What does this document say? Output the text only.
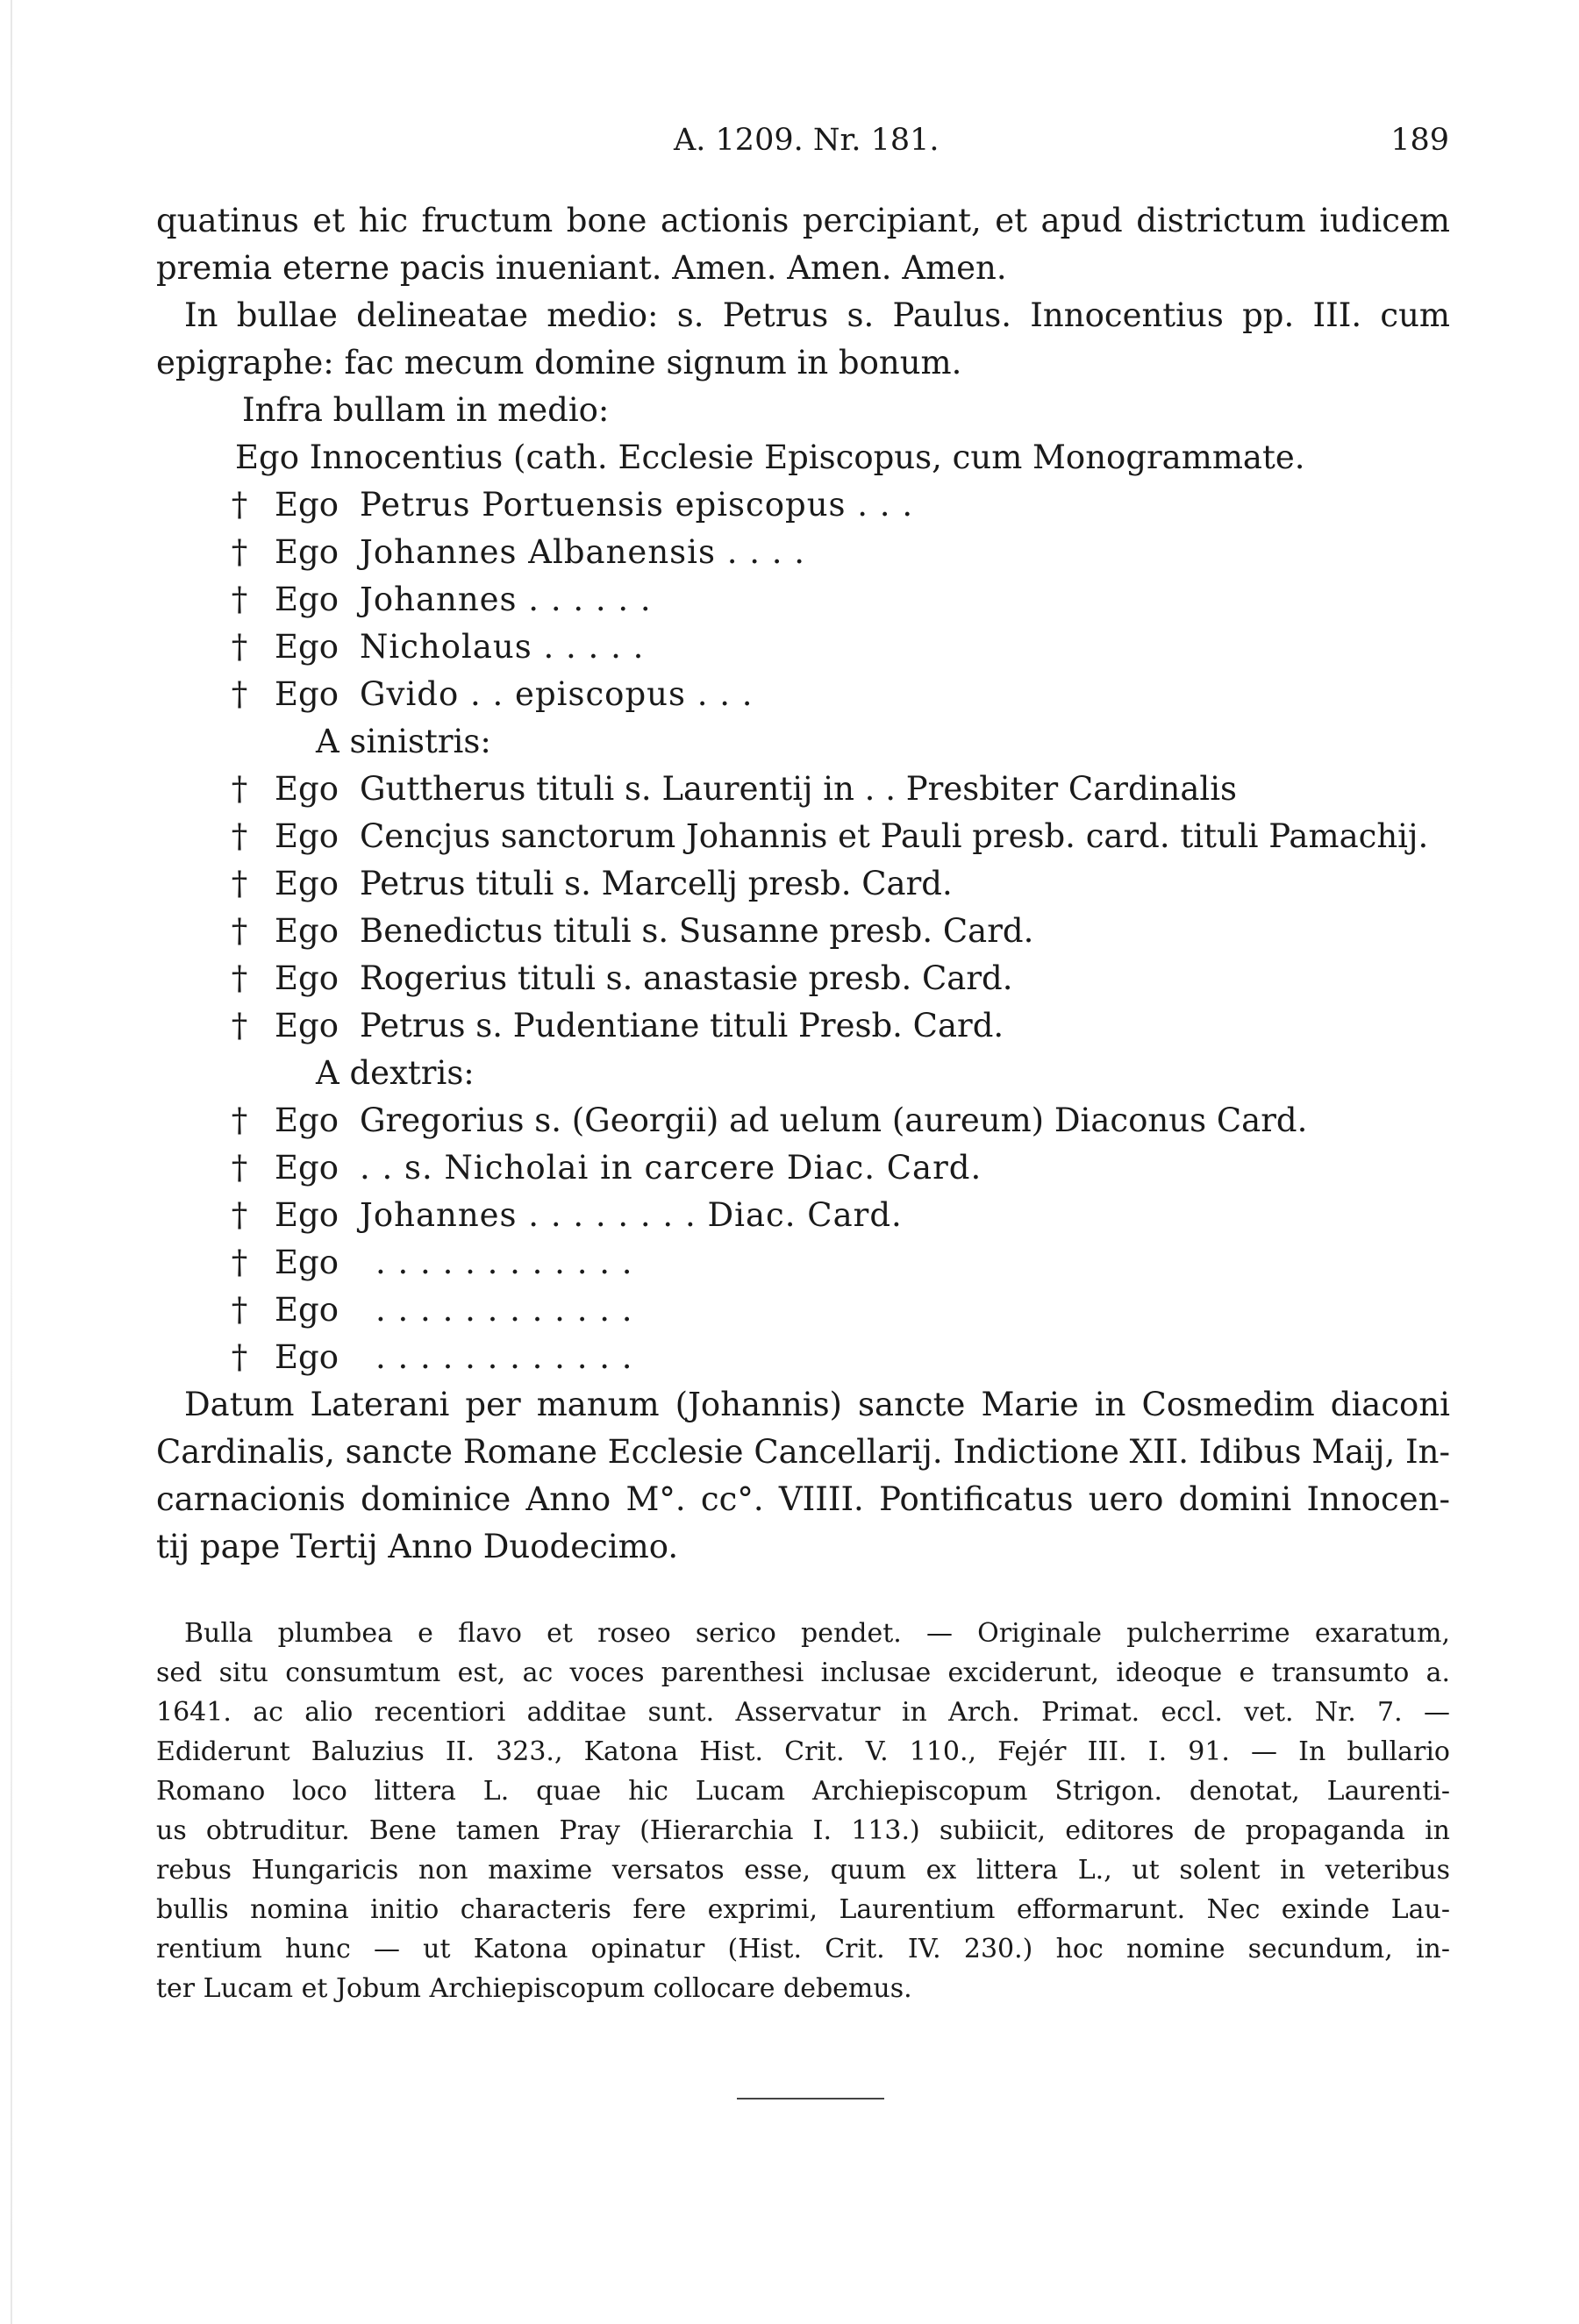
A. 1209. Nr. 181.	189
quatinus et hic fructum bone actionis percipiant, et apud districtum iudicem
premia eterne pacis inueniant. Amen. Amen. Amen.
In bullae delineatae medio: s. Petrus s. Paulus. Innocentius pp. III. cum
epigraphe: fac mecum domine signum in bonum.
Infra bullam in medio:
Ego Innocentius (cath. Ecclesie Episcopus, cum Monogrammate.
† Ego Petrus Portuensis episcopus . . .
† Ego Johannes Albanensis . . . .
† Ego Johannes . . . . . .
† Ego Nicholaus . . . . .
† Ego Gvido . . episcopus . . .
A sinistris:
† Ego Guttherus tituli s. Laurentij in . . Presbiter Cardinalis
† Ego Cencjus sanctorum Johannis et Pauli presb. card. tituli Pamachij.
† Ego Petrus tituli s. Marcellj presb. Card.
† Ego Benedictus tituli s. Susanne presb. Card.
† Ego Rogerius tituli s. anastasie presb. Card.
† Ego Petrus s. Pudentiane tituli Presb. Card.
A dextris:
† Ego Gregorius s. (Georgii) ad uelum (aureum) Diaconus Card.
† Ego . . s. Nicholai in carcere Diac. Card.
† Ego Johannes . . . . . . . . Diac. Card.
† Ego . . . . . . . . . . . .
† Ego . . . . . . . . . . . .
† Ego . . . . . . . . . . . .
Datum Laterani per manum (Johannis) sancte Marie in Cosmedim diaconi
Cardinalis, sancte Romane Ecclesie Cancellarij. Indictione XII. Idibus Maij, In-
carnacionis dominice Anno M°. cc°. VIIII. Pontificatus uero domini Innocen-
tij pape Tertij Anno Duodecimo.
Bulla plumbea e flavo et roseo serico pendet. — Originale pulcherrime exaratum,
sed situ consumtum est, ac voces parenthesi inclusae exciderunt, ideoque e transumto a.
1641. ac alio recentiori additae sunt. Asservatur in Arch. Primat. eccl. vet. Nr. 7. —
Ediderunt Baluzius II. 323., Katona Hist. Crit. V. 110., Fejér III. I. 91. — In bullario
Romano loco littera L. quae hic Lucam Archiepiscopum Strigon. denotat, Laurenti-
us obtruditur. Bene tamen Pray (Hierarchia I. 113.) subiicit, editores de propaganda in
rebus Hungaricis non maxime versatos esse, quum ex littera L., ut solent in veteribus
bullis nomina initio characteris fere exprimi, Laurentium efformarunt. Nec exinde Lau-
rentium hunc — ut Katona opinatur (Hist. Crit. IV. 230.) hoc nomine secundum, in-
ter Lucam et Jobum Archiepiscopum collocare debemus.
